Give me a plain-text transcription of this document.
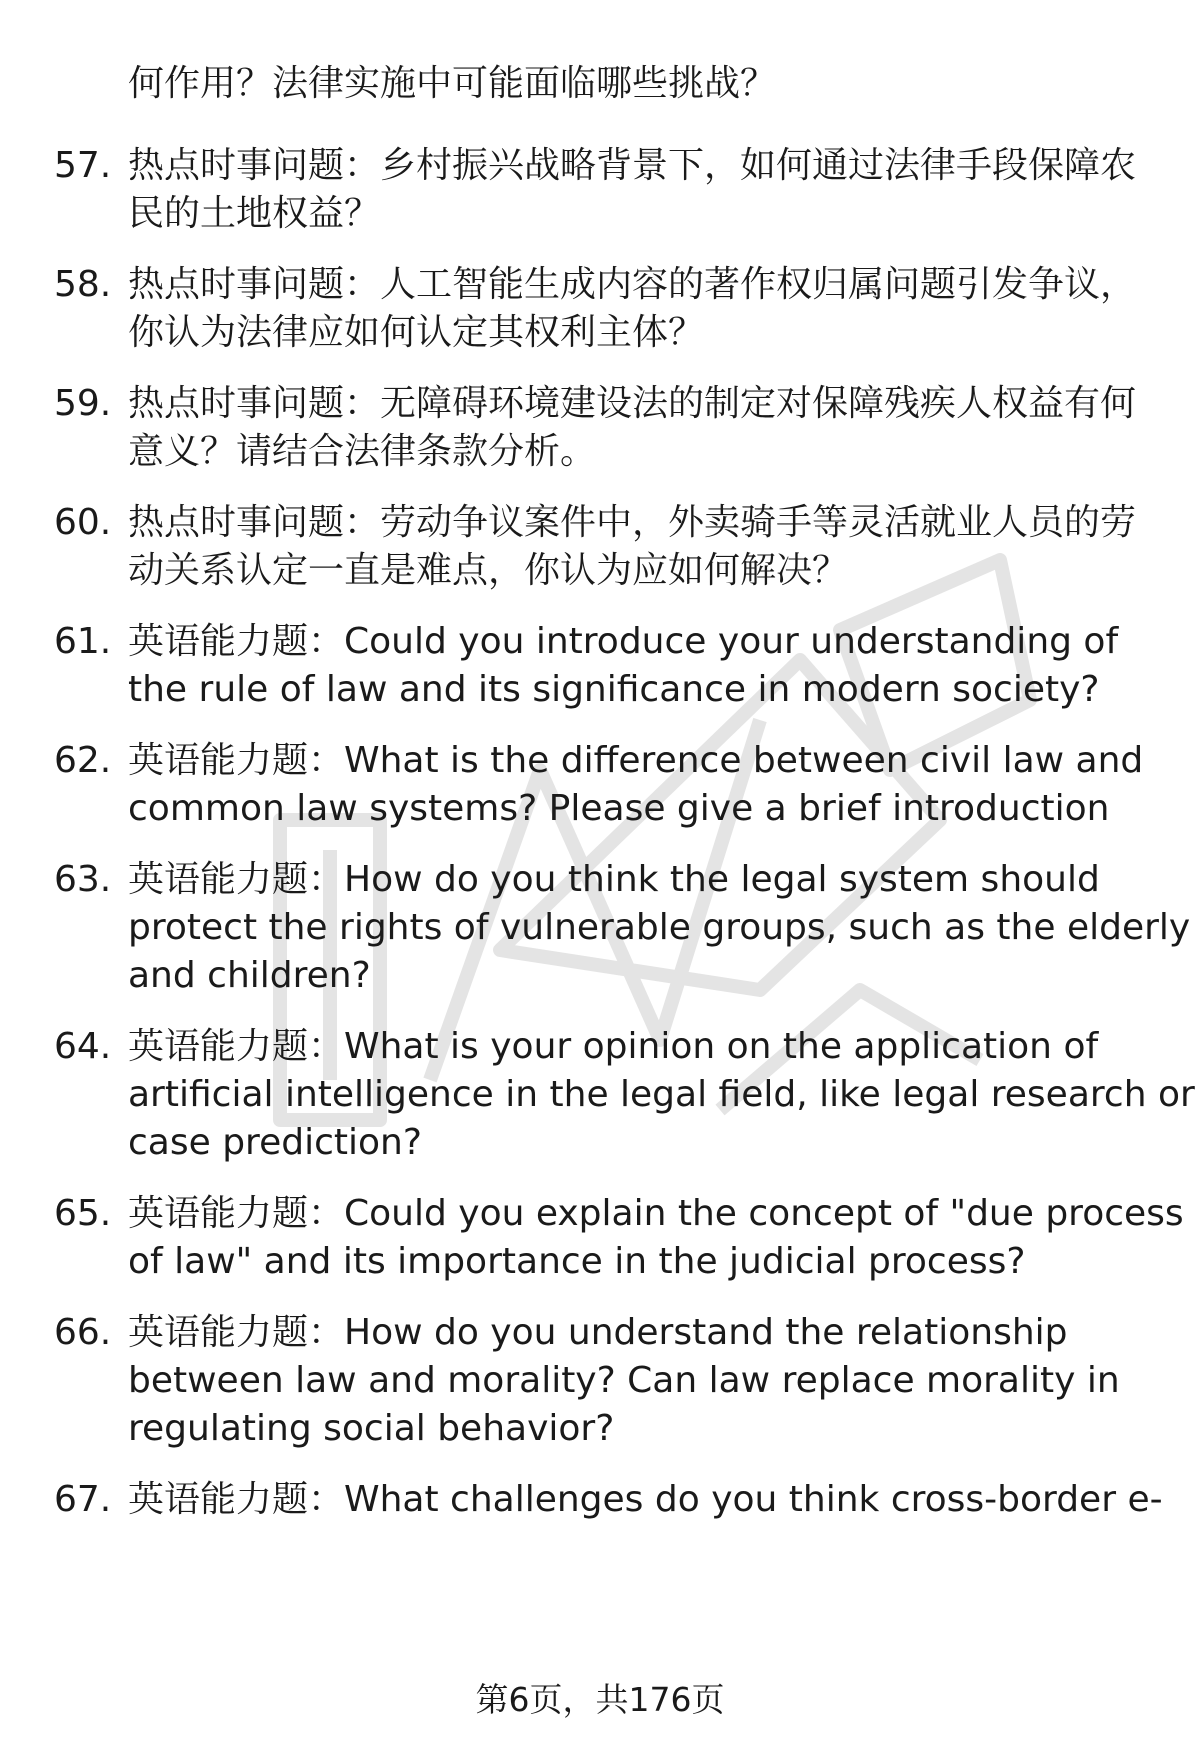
何作用？法律实施中可能面临哪些挑战？
57. 热点时事问题：乡村振兴战略背景下，如何通过法律手段保障农
民的土地权益？
58. 热点时事问题：人工智能生成内容的著作权归属问题引发争议，
你认为法律应如何认定其权利主体？
59. 热点时事问题：无障碍环境建设法的制定对保障残疾人权益有何
意义？请结合法律条款分析。
60. 热点时事问题：劳动争议案件中，外卖骑手等灵活就业人员的劳
动关系认定一直是难点，你认为应如何解决？
61. 英语能力题：Could you introduce your understanding of
the rule of law and its significance in modern society?
62. 英语能力题：What is the difference between civil law and
common law systems? Please give a brief introduction
63. 英语能力题：How do you think the legal system should
protect the rights of vulnerable groups, such as the elderly
and children?
64. 英语能力题：What is your opinion on the application of
artificial intelligence in the legal field, like legal research or
case prediction?
65. 英语能力题：Could you explain the concept of "due process
of law" and its importance in the judicial process?
66. 英语能力题：How do you understand the relationship
between law and morality? Can law replace morality in
regulating social behavior?
67. 英语能力题：What challenges do you think cross-border e-
第6页，共176页
